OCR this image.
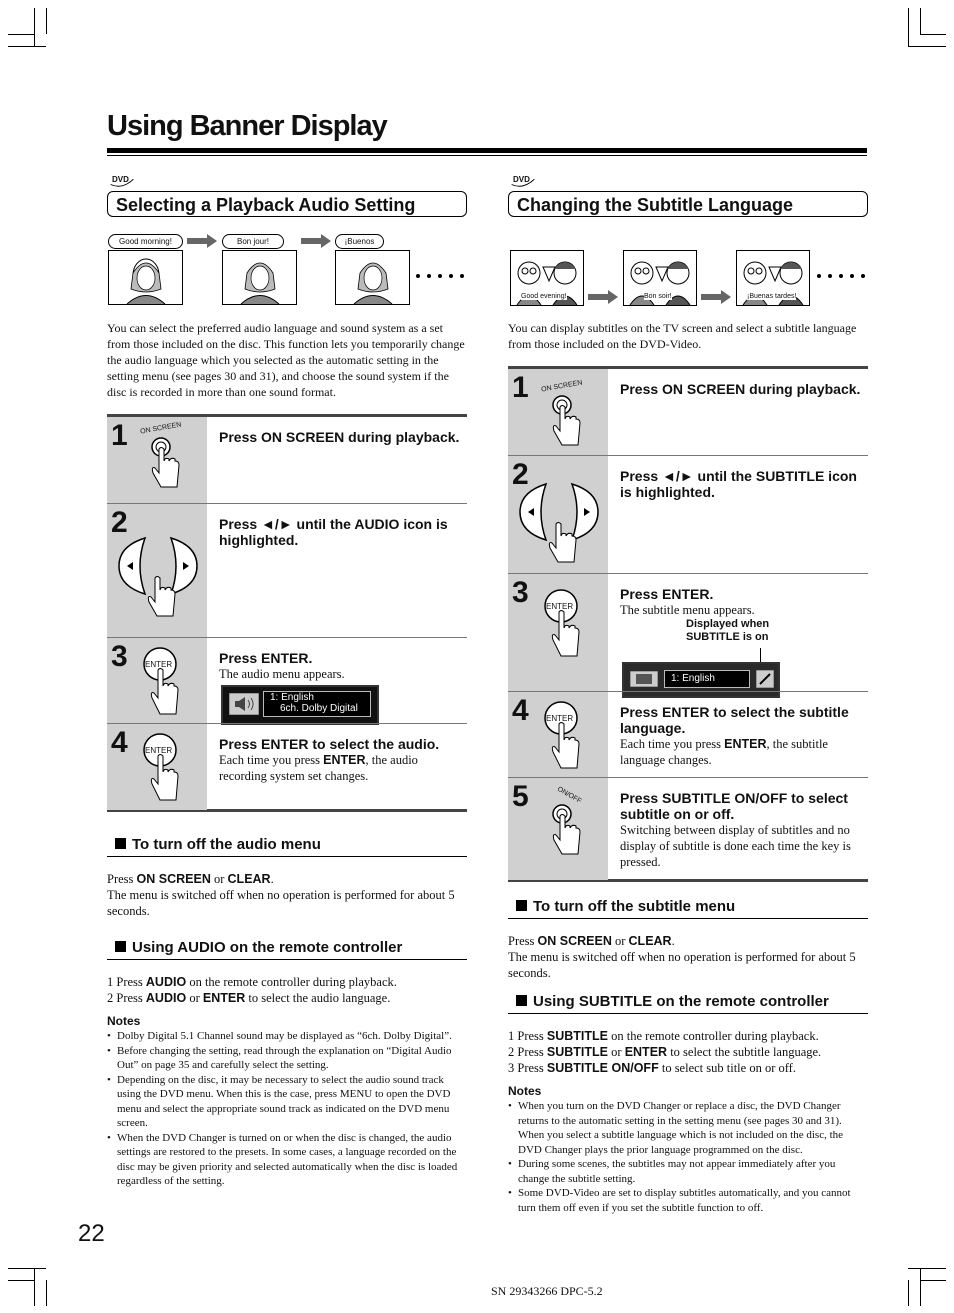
Using Banner Display
DVD
Selecting a Playback Audio Setting
Good morning!	Bon jour!	¡Buenos
You can select the preferred audio language and sound system as a set from those included on the disc. This function lets you temporarily change the audio language which you selected as the automatic setting in the setting menu (see pages 30 and 31), and choose the sound system if the disc is recorded in more than one sound format.
1 ON SCREEN
Press ON SCREEN during playback.
2	Press ◄/► until the AUDIO icon is highlighted.
3 ENTER	Press ENTER.
The audio menu appears.
1: English
6ch. Dolby Digital
4 ENTER	Press ENTER to select the audio.
Each time you press ENTER, the audio recording system set changes.
To turn off the audio menu
Press ON SCREEN or CLEAR.
The menu is switched off when no operation is performed for about 5 seconds.
Using AUDIO on the remote controller
1 Press AUDIO on the remote controller during playback.
2 Press AUDIO or ENTER to select the audio language.
Notes
• Dolby Digital 5.1 Channel sound may be displayed as “6ch. Dolby Digital”.
• Before changing the setting, read through the explanation on “Digital Audio Out” on page 35 and carefully select the setting.
• Depending on the disc, it may be necessary to select the audio sound track using the DVD menu. When this is the case, press MENU to open the DVD menu and select the appropriate sound track as indicated on the DVD menu screen.
• When the DVD Changer is turned on or when the disc is changed, the audio settings are restored to the presets. In some cases, a language recorded on the disc may be given priority and selected automatically when the disc is loaded regardless of the setting.
DVD
Changing the Subtitle Language
Good evening!	Bon soir!	¡Buenas tardes!
You can display subtitles on the TV screen and select a subtitle language from those included on the DVD-Video.
1 ON SCREEN	Press ON SCREEN during playback.
2	Press ◄/► until the SUBTITLE icon is highlighted.
3 ENTER
Press ENTER.
The subtitle menu appears.
Displayed when
SUBTITLE is on
1: English
4 ENTER	Press ENTER to select the subtitle language.
Each time you press ENTER, the subtitle language changes.
5	ON/OFF	Press SUBTITLE ON/OFF to select subtitle on or off.
Switching between display of subtitles and no display of subtitle is done each time the key is pressed.
To turn off the subtitle menu
Press ON SCREEN or CLEAR.
The menu is switched off when no operation is performed for about 5 seconds.
Using SUBTITLE on the remote controller
1 Press SUBTITLE on the remote controller during playback.
2 Press SUBTITLE or ENTER to select the subtitle language.
3 Press SUBTITLE ON/OFF to select sub title on or off.
Notes
• When you turn on the DVD Changer or replace a disc, the DVD Changer returns to the automatic setting in the setting menu (see pages 30 and 31). When you select a subtitle language which is not included on the disc, the DVD Changer plays the prior language programmed on the disc.
• During some scenes, the subtitles may not appear immediately after you change the subtitle setting.
• Some DVD-Video are set to display subtitles automatically, and you cannot turn them off even if you set the subtitle function to off.
22
SN 29343266 DPC-5.2
